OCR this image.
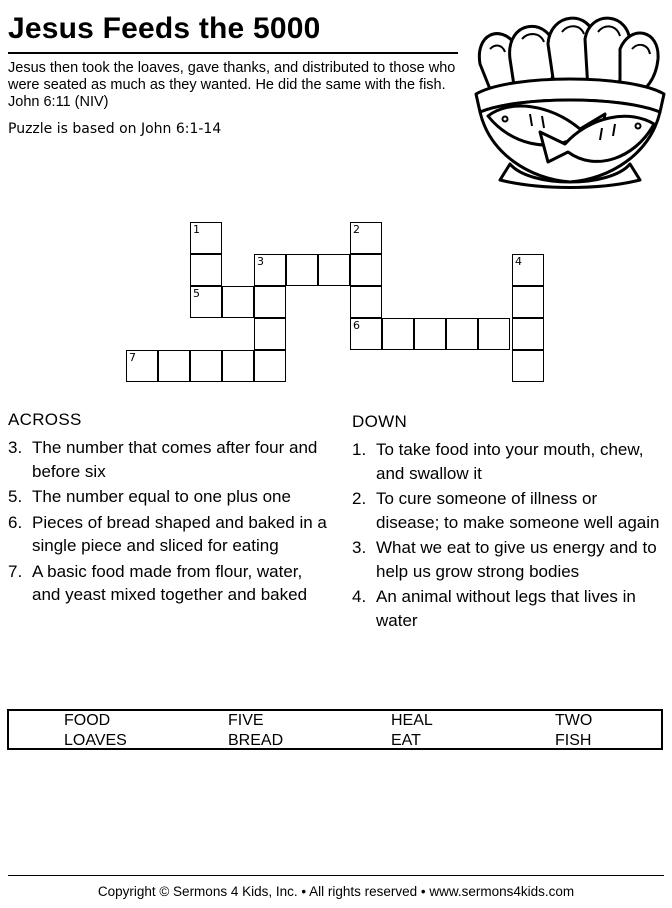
Jesus Feeds the 5000
Jesus then took the loaves, gave thanks, and distributed to those who were seated as much as they wanted. He did the same with the fish. John 6:11 (NIV)
Puzzle is based on John 6:1-14
1	2
3	4
5
6
7
ACROSS
3. The number that comes after four and before six
5. The number equal to one plus one
6. Pieces of bread shaped and baked in a single piece and sliced for eating
7. A basic food made from flour, water, and yeast mixed together and baked
DOWN
1. To take food into your mouth, chew, and swallow it
2. To cure someone of illness or disease; to make someone well again
3. What we eat to give us energy and to help us grow strong bodies
4. An animal without legs that lives in water
FOOD	FIVE	HEAL	TWO
LOAVES	BREAD	EAT	FISH
Copyright © Sermons 4 Kids, Inc. • All rights reserved • www.sermons4kids.com
